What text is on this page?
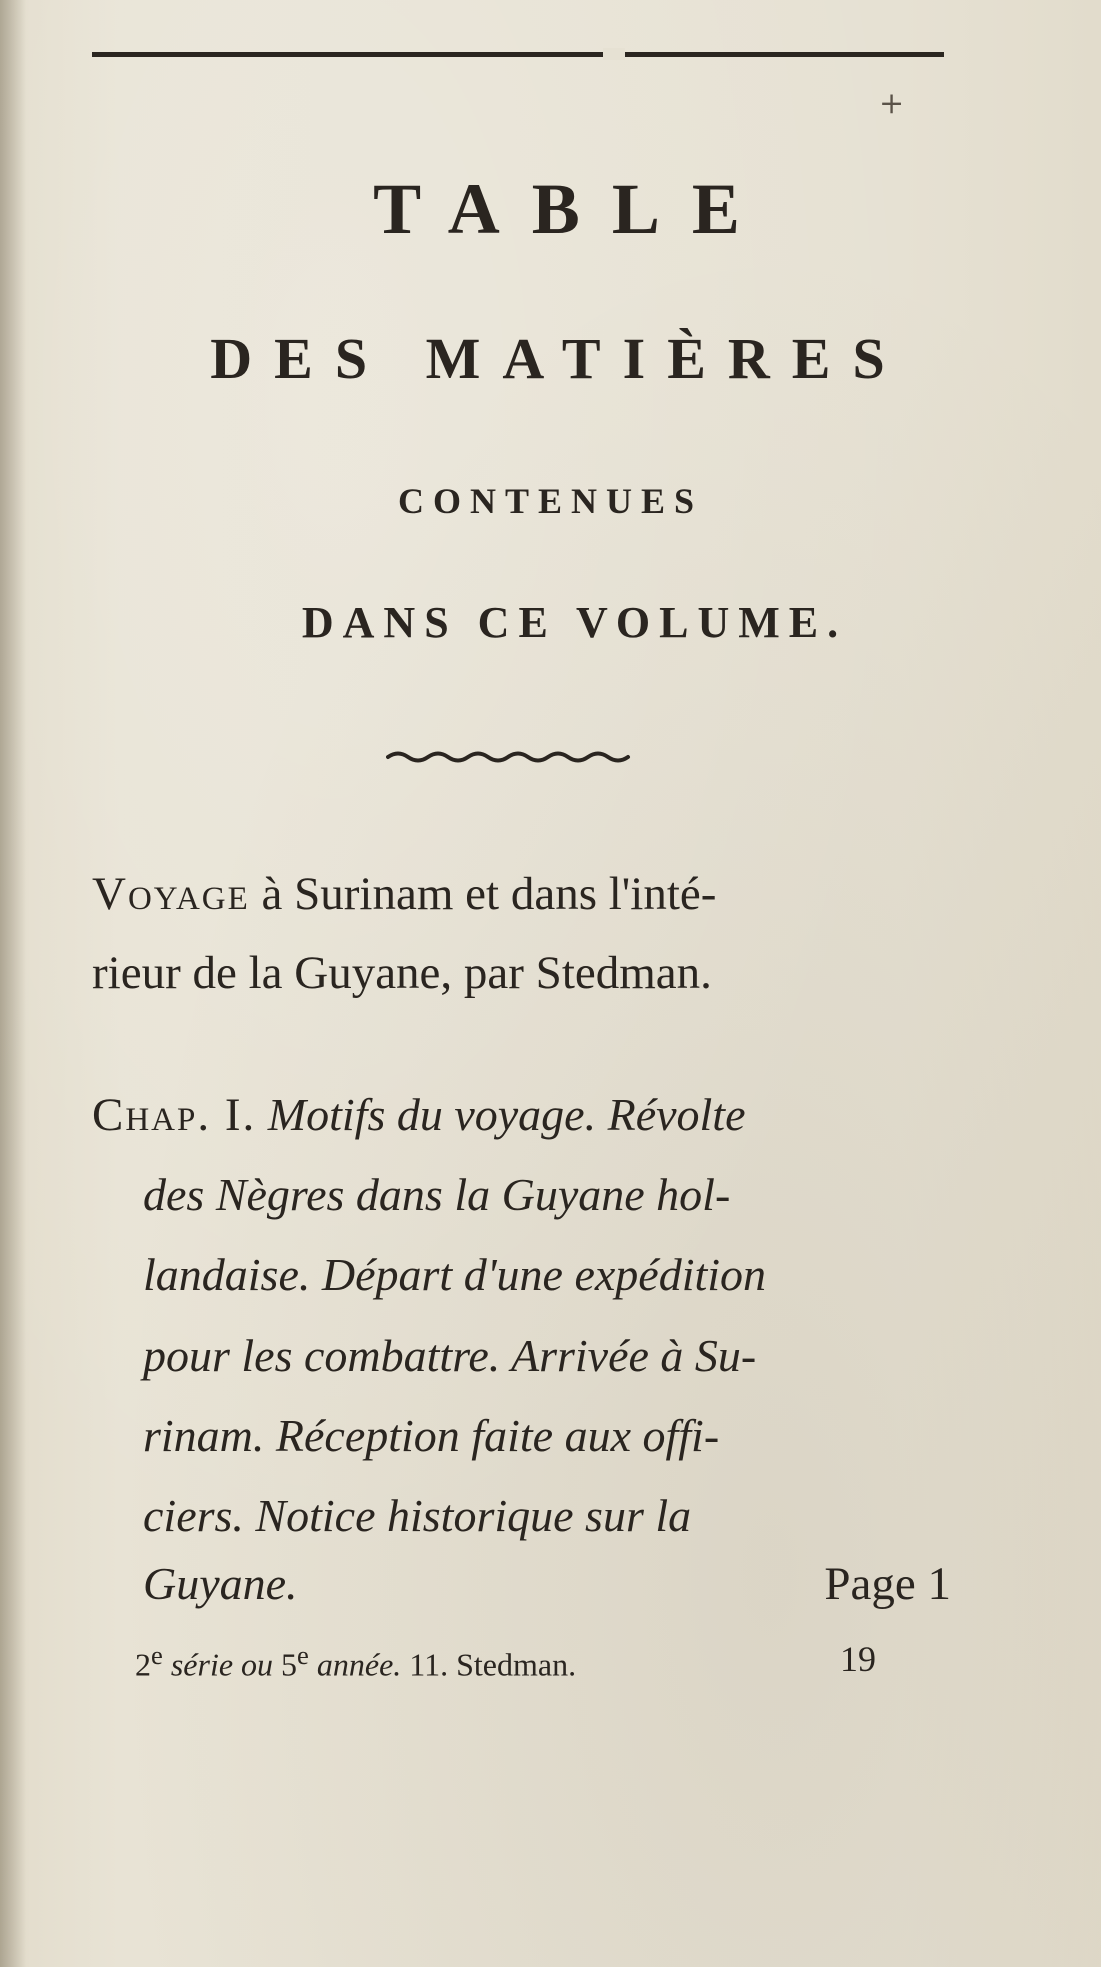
+
TABLE
DES MATIÈRES
CONTENUES
DANS CE VOLUME.
Voyage à Surinam et dans l'inté-
rieur de la Guyane, par Stedman.
Chap. I. Motifs du voyage. Révolte
des Nègres dans la Guyane hol-
landaise. Départ d'une expédition
pour les combattre. Arrivée à Su-
rinam. Réception faite aux offi-
ciers. Notice historique sur la
Guyane.	Page 1
2e série ou 5e année. 11. Stedman.	19
